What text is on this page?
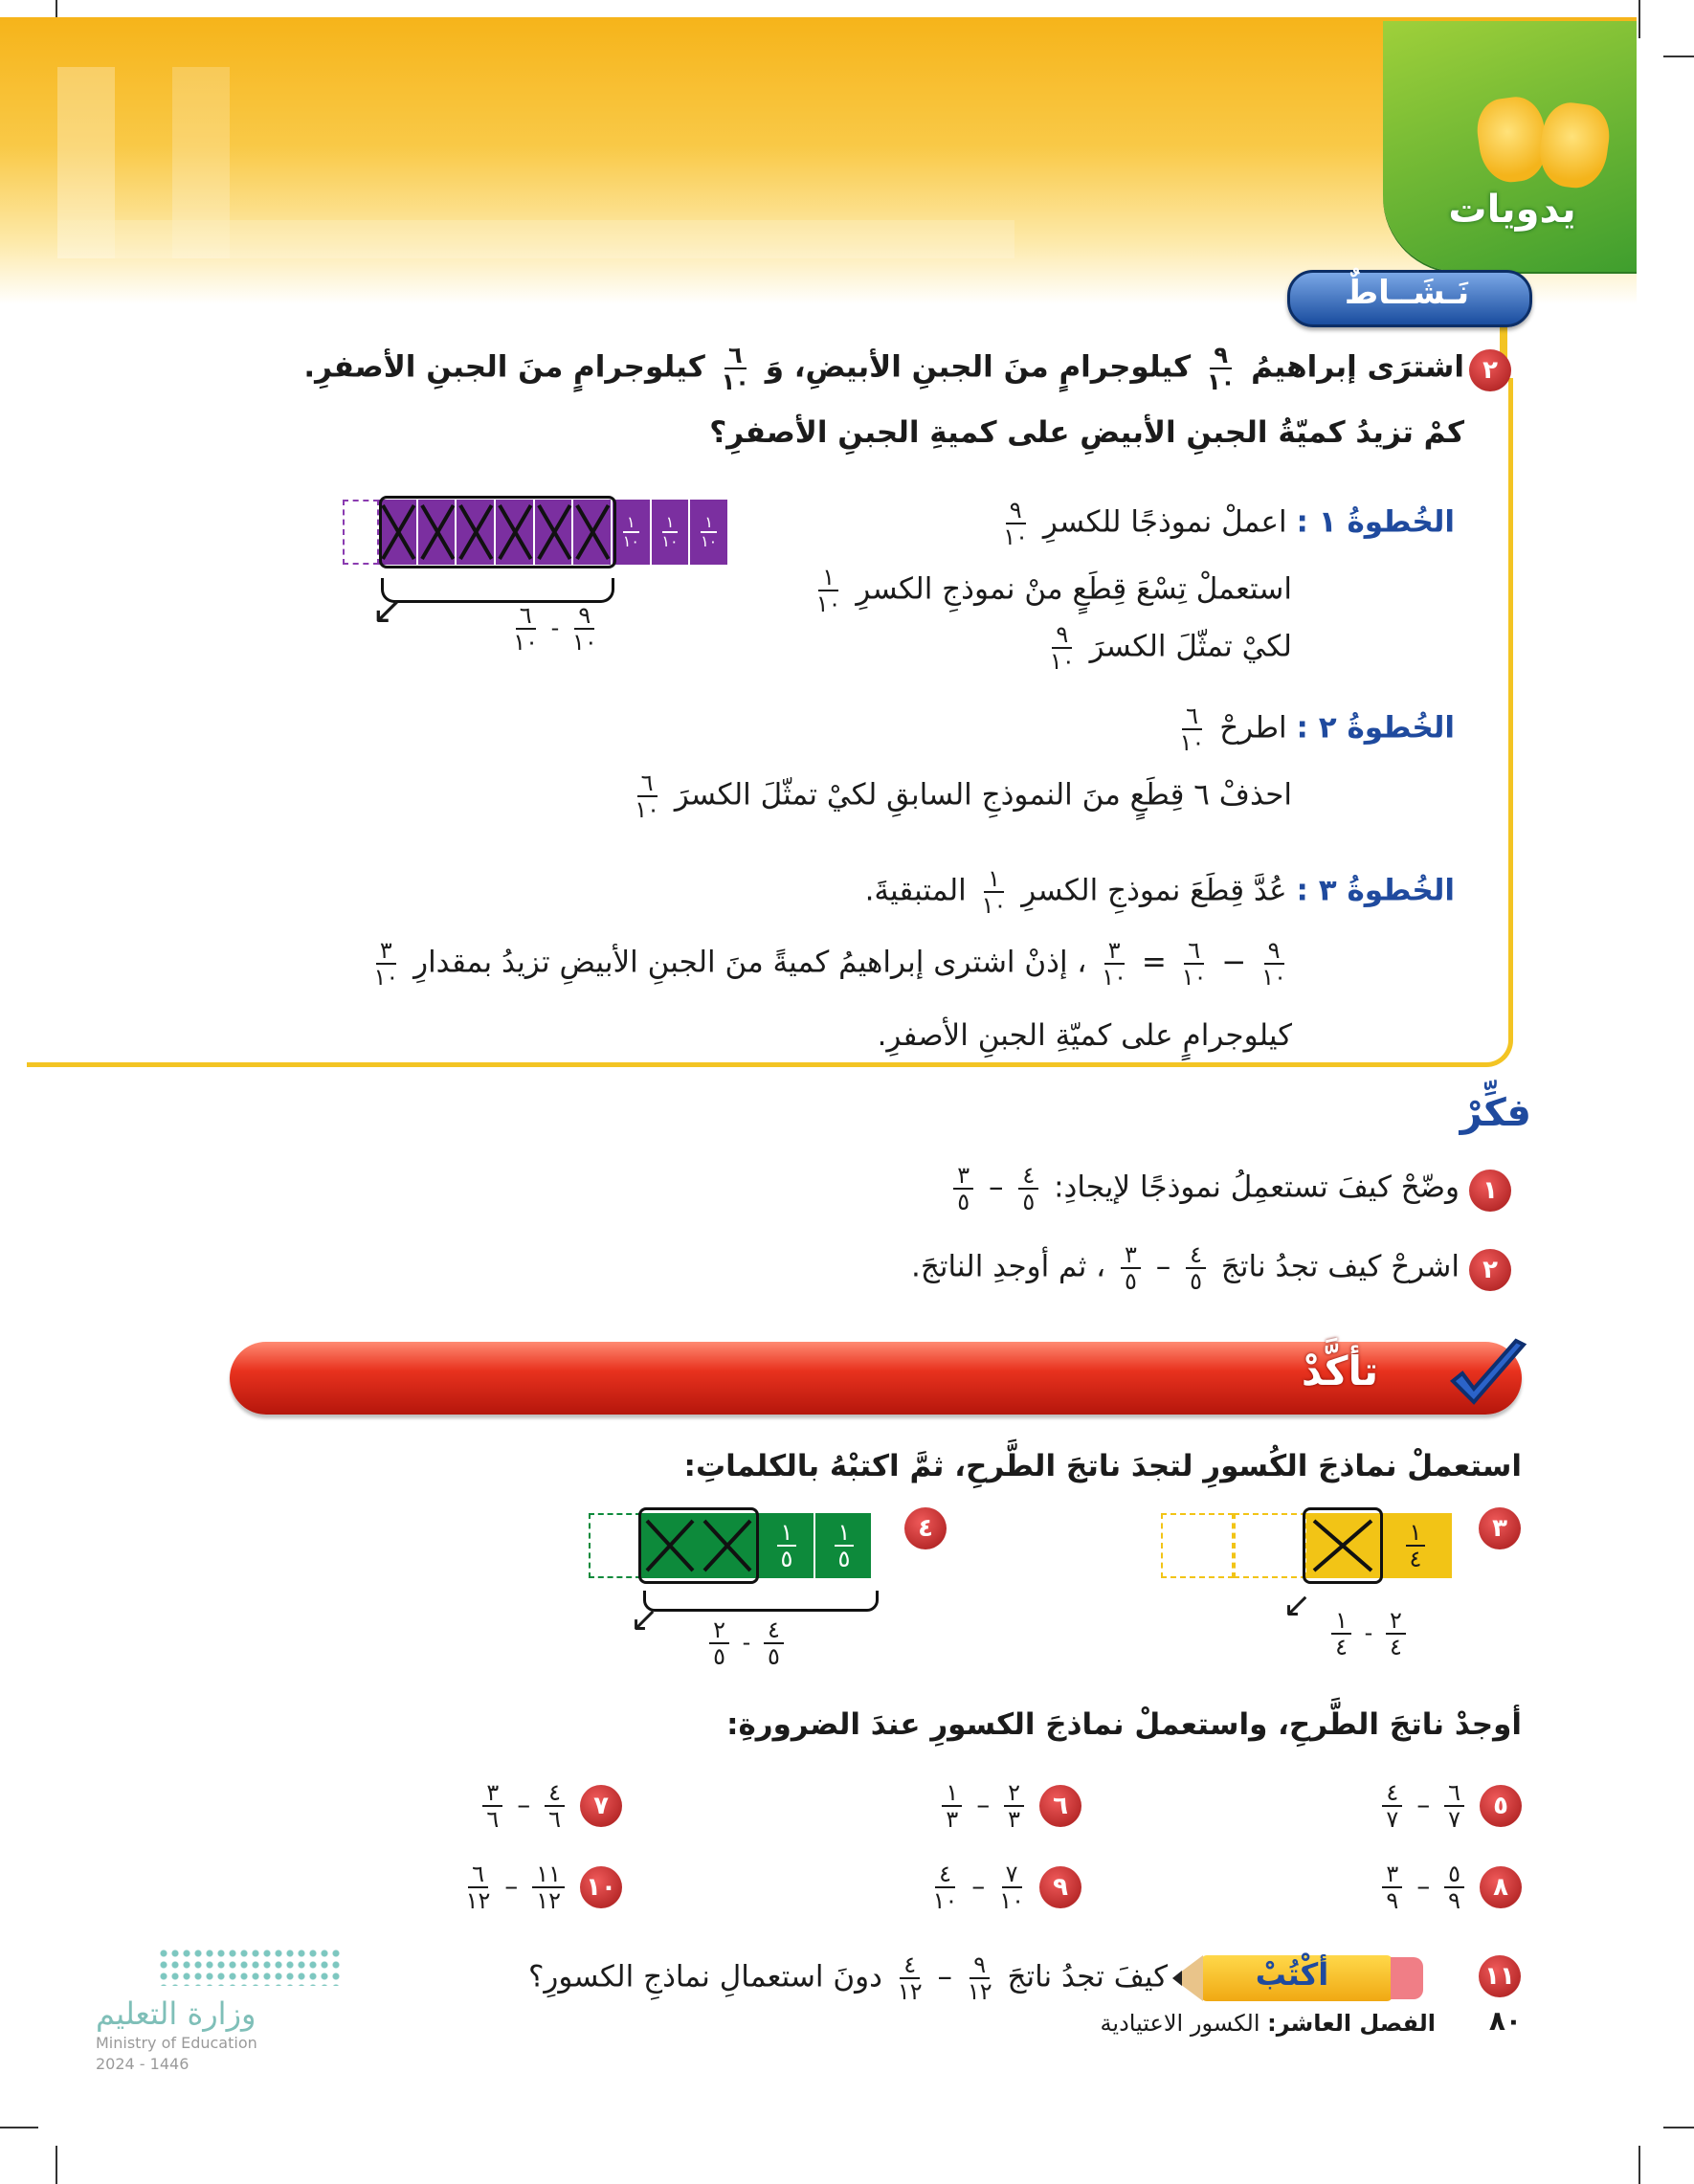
يدويات
نَـشَــاطٌ
٢
اشترَى إبراهيمُ
$\frac{٩}{١٠}$
كيلوجرامٍ منَ الجبنِ الأبيضِ، وَ
$\frac{٦}{١٠}$
كيلوجرامٍ منَ الجبنِ الأصفرِ.
كمْ تزيدُ كميّةُ الجبنِ الأبيضِ على كميةِ الجبنِ الأصفرِ؟
$\frac{١}{١٠} \frac{١}{١٠} \frac{١}{١٠}$
↙	$\frac{٩}{١٠}$
-
$\frac{٦}{١٠}$
الخُطوةُ ١ : اعملْ نموذجًا للكسرِ
$\frac{٩}{١٠}$
استعملْ تِسْعَ قِطَعٍ منْ نموذجِ الكسرِ
$\frac{١}{١٠}$
لكيْ تمثّلَ الكسرَ
$\frac{٩}{١٠}$
الخُطوةُ ٢ : اطرحْ
$\frac{٦}{١٠}$
احذفْ ٦ قِطَعٍ منَ النموذجِ السابقِ لكيْ تمثّلَ الكسرَ
$\frac{٦}{١٠}$
الخُطوةُ ٣ : عُدَّ قِطَعَ نموذجِ الكسرِ
$\frac{١}{١٠}$
المتبقيةَ.
$\frac{٩}{١٠}$
−
$\frac{٦}{١٠}$
=
$\frac{٣}{١٠}$
، إذنْ اشترى إبراهيمُ كميةً منَ الجبنِ الأبيضِ تزيدُ بمقدارِ
$\frac{٣}{١٠}$
كيلوجرامٍ على كميّةِ الجبنِ الأصفرِ.
فكِّرْ
١
وضّحْ كيفَ تستعمِلُ نموذجًا لإيجادِ:
$\frac{٤}{٥}$
–
$\frac{٣}{٥}$
٢
اشرحْ كيف تجدُ ناتجَ
$\frac{٤}{٥}$
–
$\frac{٣}{٥}$
، ثم أوجدِ الناتجَ.
تأكَّدْ
استعملْ نماذجَ الكُسورِ لتجدَ ناتجَ الطَّرحِ، ثمَّ اكتبْهُ بالكلماتِ:
٣
$\frac{١}{٤}$
↙
$\frac{٢}{٤}$
-
$\frac{١}{٤}$
٤
$\frac{١}{٥} \frac{١}{٥}$
↙	$\frac{٤}{٥}$
-
$\frac{٢}{٥}$
أوجدْ ناتجَ الطَّرحِ، واستعملْ نماذجَ الكسورِ عندَ الضرورةِ:
٥
$\frac{٦}{٧}$
–
$\frac{٤}{٧}$
٦
$\frac{٢}{٣}$
–
$\frac{١}{٣}$
٧
$\frac{٤}{٦}$
–
$\frac{٣}{٦}$
٨
$\frac{٥}{٩}$
–
$\frac{٣}{٩}$
٩
$\frac{٧}{١٠}$
–
$\frac{٤}{١٠}$
١٠
$\frac{١١}{١٢}$
–
$\frac{٦}{١٢}$
١١
أكْتُبْ
كيفَ تجدُ ناتجَ
$\frac{٩}{١٢}$
–
$\frac{٤}{١٢}$
دونَ استعمالِ نماذجِ الكسورِ؟
وزارة التعليم
Ministry of Education
2024 - 1446
٨٠
الفصل العاشر: الكسور الاعتيادية
